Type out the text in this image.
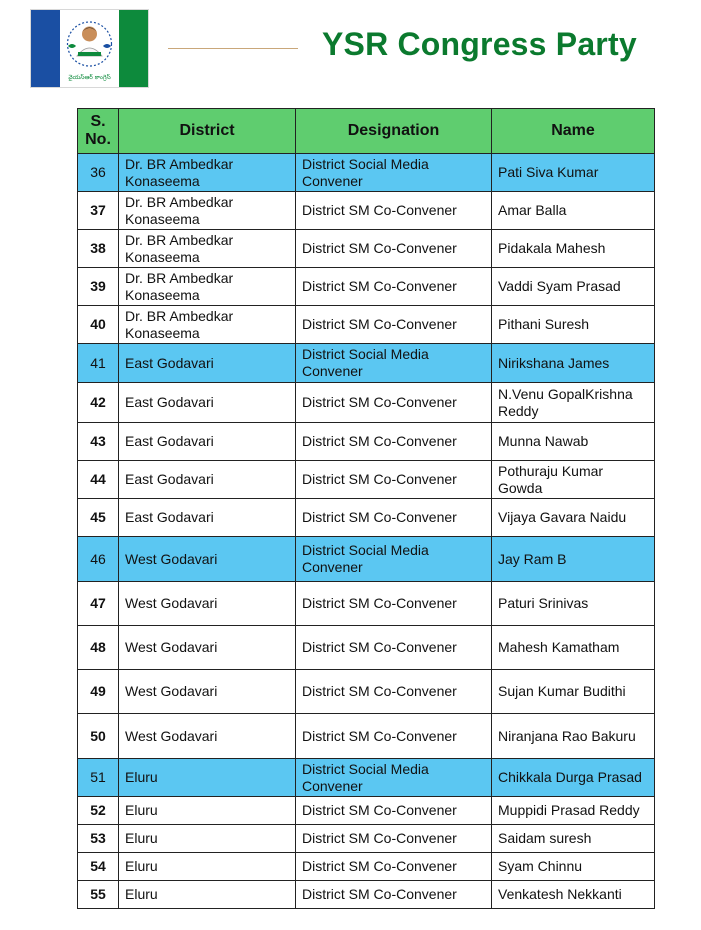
వైయస్ఆర్ కాంగ్రెస్
YSR Congress Party
S. No.	District	Designation	Name
36	Dr. BR Ambedkar Konaseema	District Social Media Convener	Pati Siva Kumar
37	Dr. BR Ambedkar Konaseema	District SM Co-Convener	Amar Balla
38	Dr. BR Ambedkar Konaseema	District SM Co-Convener	Pidakala Mahesh
39	Dr. BR Ambedkar Konaseema	District SM Co-Convener	Vaddi Syam Prasad
40	Dr. BR Ambedkar Konaseema	District SM Co-Convener	Pithani Suresh
41	East Godavari	District Social Media Convener	Nirikshana James
42	East Godavari	District SM Co-Convener	N.Venu GopalKrishna Reddy
43	East Godavari	District SM Co-Convener	Munna Nawab
44	East Godavari	District SM Co-Convener	Pothuraju Kumar Gowda
45	East Godavari	District SM Co-Convener	Vijaya Gavara Naidu
46	West Godavari	District Social Media Convener	Jay Ram B
47	West Godavari	District SM Co-Convener	Paturi Srinivas
48	West Godavari	District SM Co-Convener	Mahesh Kamatham
49	West Godavari	District SM Co-Convener	Sujan Kumar Budithi
50	West Godavari	District SM Co-Convener	Niranjana Rao Bakuru
51	Eluru	District Social Media Convener	Chikkala Durga Prasad
52	Eluru	District SM Co-Convener	Muppidi Prasad Reddy
53	Eluru	District SM Co-Convener	Saidam suresh
54	Eluru	District SM Co-Convener	Syam Chinnu
55	Eluru	District SM Co-Convener	Venkatesh Nekkanti
